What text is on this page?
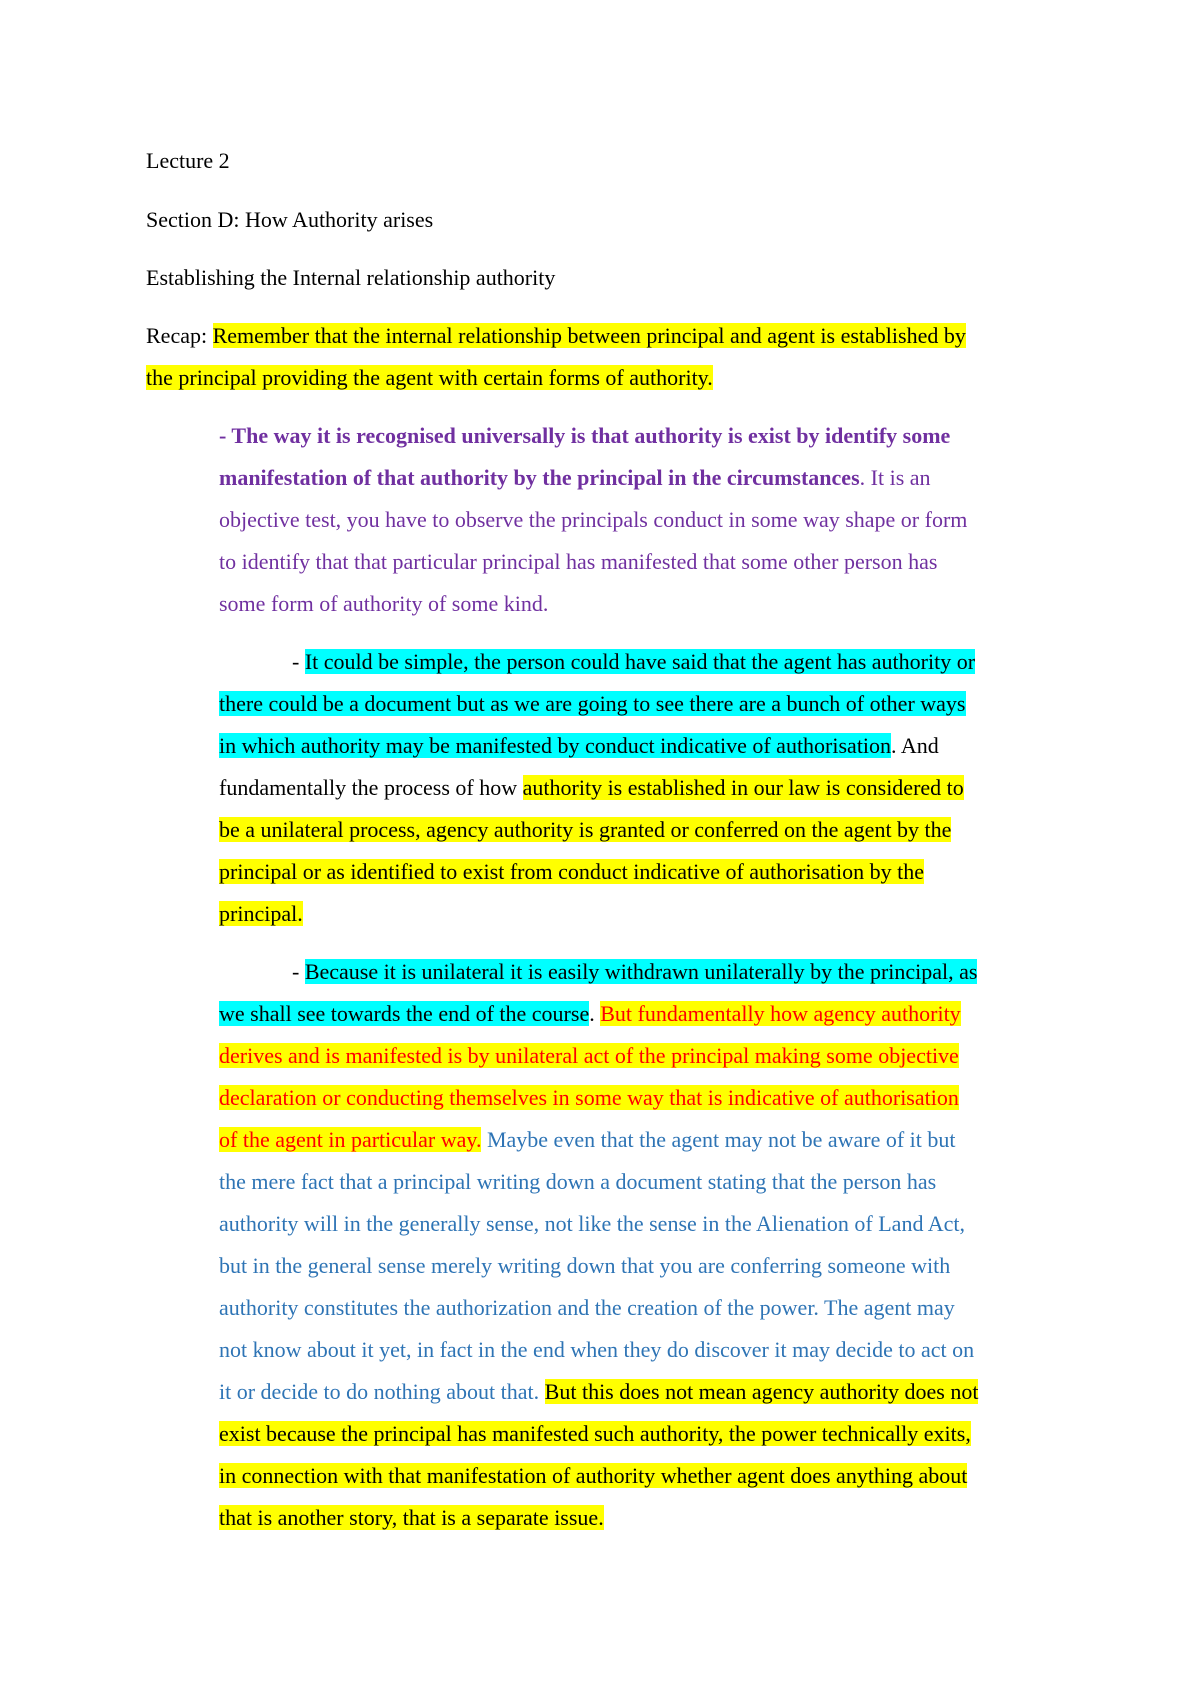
Lecture 2
Section D: How Authority arises
Establishing the Internal relationship authority
Recap: Remember that the internal relationship between principal and agent is established by
the principal providing the agent with certain forms of authority.
- The way it is recognised universally is that authority is exist by identify some
manifestation of that authority by the principal in the circumstances. It is an
objective test, you have to observe the principals conduct in some way shape or form
to identify that that particular principal has manifested that some other person has
some form of authority of some kind.
- It could be simple, the person could have said that the agent has authority or
there could be a document but as we are going to see there are a bunch of other ways
in which authority may be manifested by conduct indicative of authorisation. And
fundamentally the process of how authority is established in our law is considered to
be a unilateral process, agency authority is granted or conferred on the agent by the
principal or as identified to exist from conduct indicative of authorisation by the
principal.
- Because it is unilateral it is easily withdrawn unilaterally by the principal, as
we shall see towards the end of the course. But fundamentally how agency authority
derives and is manifested is by unilateral act of the principal making some objective
declaration or conducting themselves in some way that is indicative of authorisation
of the agent in particular way. Maybe even that the agent may not be aware of it but
the mere fact that a principal writing down a document stating that the person has
authority will in the generally sense, not like the sense in the Alienation of Land Act,
but in the general sense merely writing down that you are conferring someone with
authority constitutes the authorization and the creation of the power. The agent may
not know about it yet, in fact in the end when they do discover it may decide to act on
it or decide to do nothing about that. But this does not mean agency authority does not
exist because the principal has manifested such authority, the power technically exits,
in connection with that manifestation of authority whether agent does anything about
that is another story, that is a separate issue.
